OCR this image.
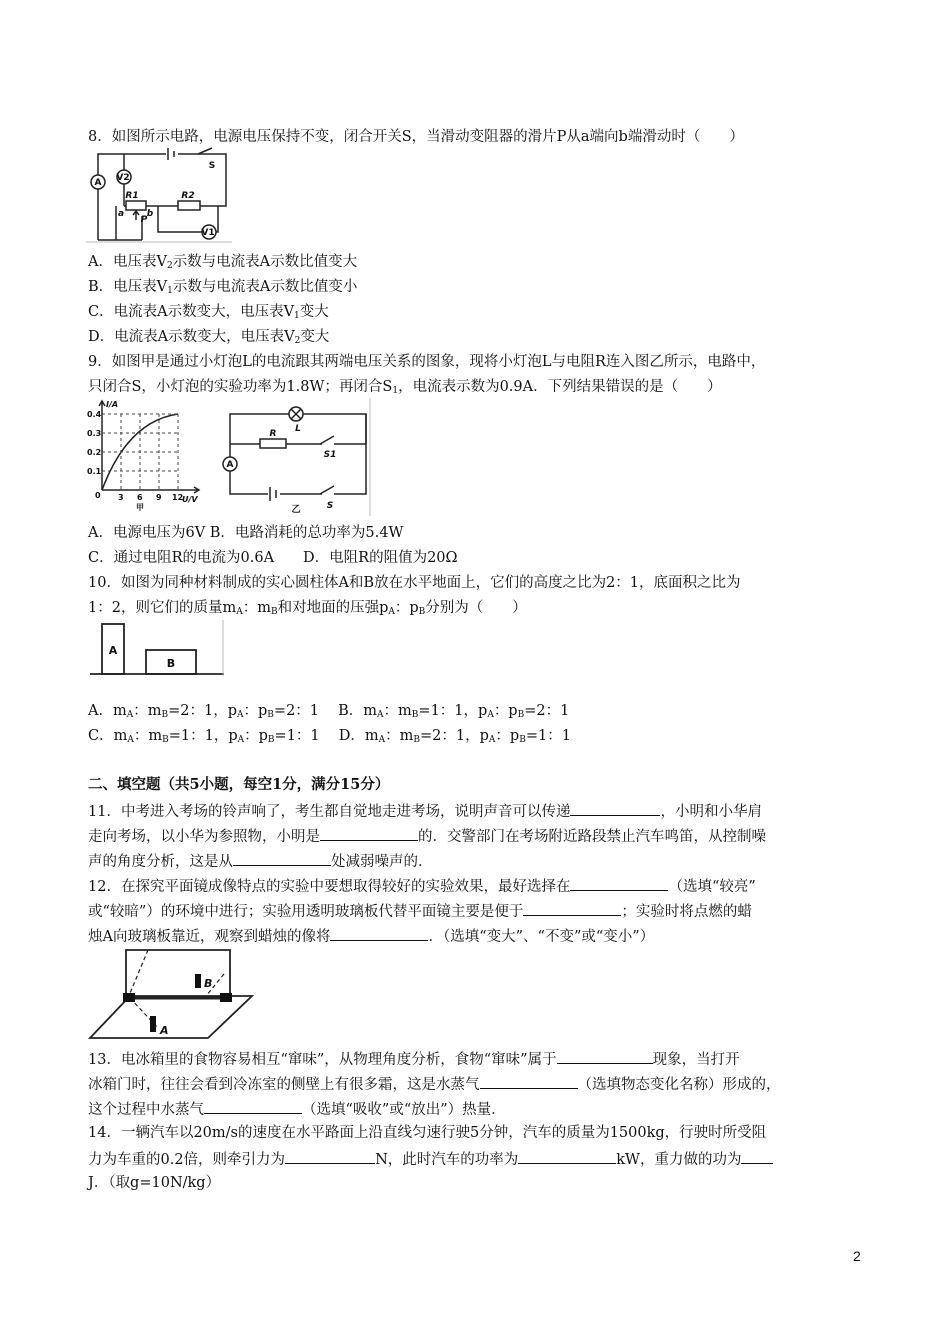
8．如图所示电路，电源电压保持不变，闭合开关S，当滑动变阻器的滑片P从a端向b端滑动时（　　）
A V2
V1
S
R1	R2
a	b
P
A．电压表$V_2$示数与电流表A示数比值变大
B．电压表$V_1$示数与电流表A示数比值变小
C．电流表A示数变大，电压表$V_1$变大
D．电流表A示数变大，电压表$V_2$变大
9．如图甲是通过小灯泡L的电流跟其两端电压关系的图象，现将小灯泡L与电阻R连入图乙所示，电路中，
只闭合S，小灯泡的实验功率为1.8W；再闭合$S_1$，电流表示数为0.9A．下列结果错误的是（　　）
I/A
U/V
0.4
0.3
0.2
0.1
0 3 6 9 12
甲
L
R
S1
S
A
乙
A．电源电压为6V B．电路消耗的总功率为5.4W
C．通过电阻R的电流为0.6A　　D．电阻R的阻值为20Ω
10．如图为同种材料制成的实心圆柱体A和B放在水平地面上，它们的高度之比为2：1，底面积之比为
1：2，则它们的质量$m_A$：$m_B$和对地面的压强$p_A$：$p_B$分别为（　　）
A
B
A．$m_A$：$m_B=2$：1，$p_A$：$p_B=2$：1　 B．$m_A$：$m_B=1$：1，$p_A$：$p_B=2$：1
C．$m_A$：$m_B=1$：1，$p_A$：$p_B=1$：1　 D．$m_A$：$m_B=2$：1，$p_A$：$p_B=1$：1
二、填空题（共5小题，每空1分，满分15分）
11．中考进入考场的铃声响了，考生都自觉地走进考场，说明声音可以传递	，小明和小华肩
走向考场，以小华为参照物，小明是	的．交警部门在考场附近路段禁止汽车鸣笛，从控制噪
声的角度分析，这是从	处减弱噪声的．
12．在探究平面镜成像特点的实验中要想取得较好的实验效果，最好选择在	（选填“较亮”
或“较暗”）的环境中进行；实验用透明玻璃板代替平面镜主要是便于	；实验时将点燃的蜡
烛A向玻璃板靠近，观察到蜡烛的像将	．（选填“变大”、“不变”或“变小”）
B
A
13．电冰箱里的食物容易相互“窜味”，从物理角度分析，食物“窜味”属于	现象，当打开
冰箱门时，往往会看到冷冻室的侧壁上有很多霜，这是水蒸气	（选填物态变化名称）形成的，
这个过程中水蒸气	（选填“吸收”或“放出”）热量．
14．一辆汽车以20m/s的速度在水平路面上沿直线匀速行驶5分钟，汽车的质量为1500kg，行驶时所受阻
力为车重的0.2倍，则牵引力为	N，此时汽车的功率为	kW，重力做的功为
J．（取g=10N/kg）
2
